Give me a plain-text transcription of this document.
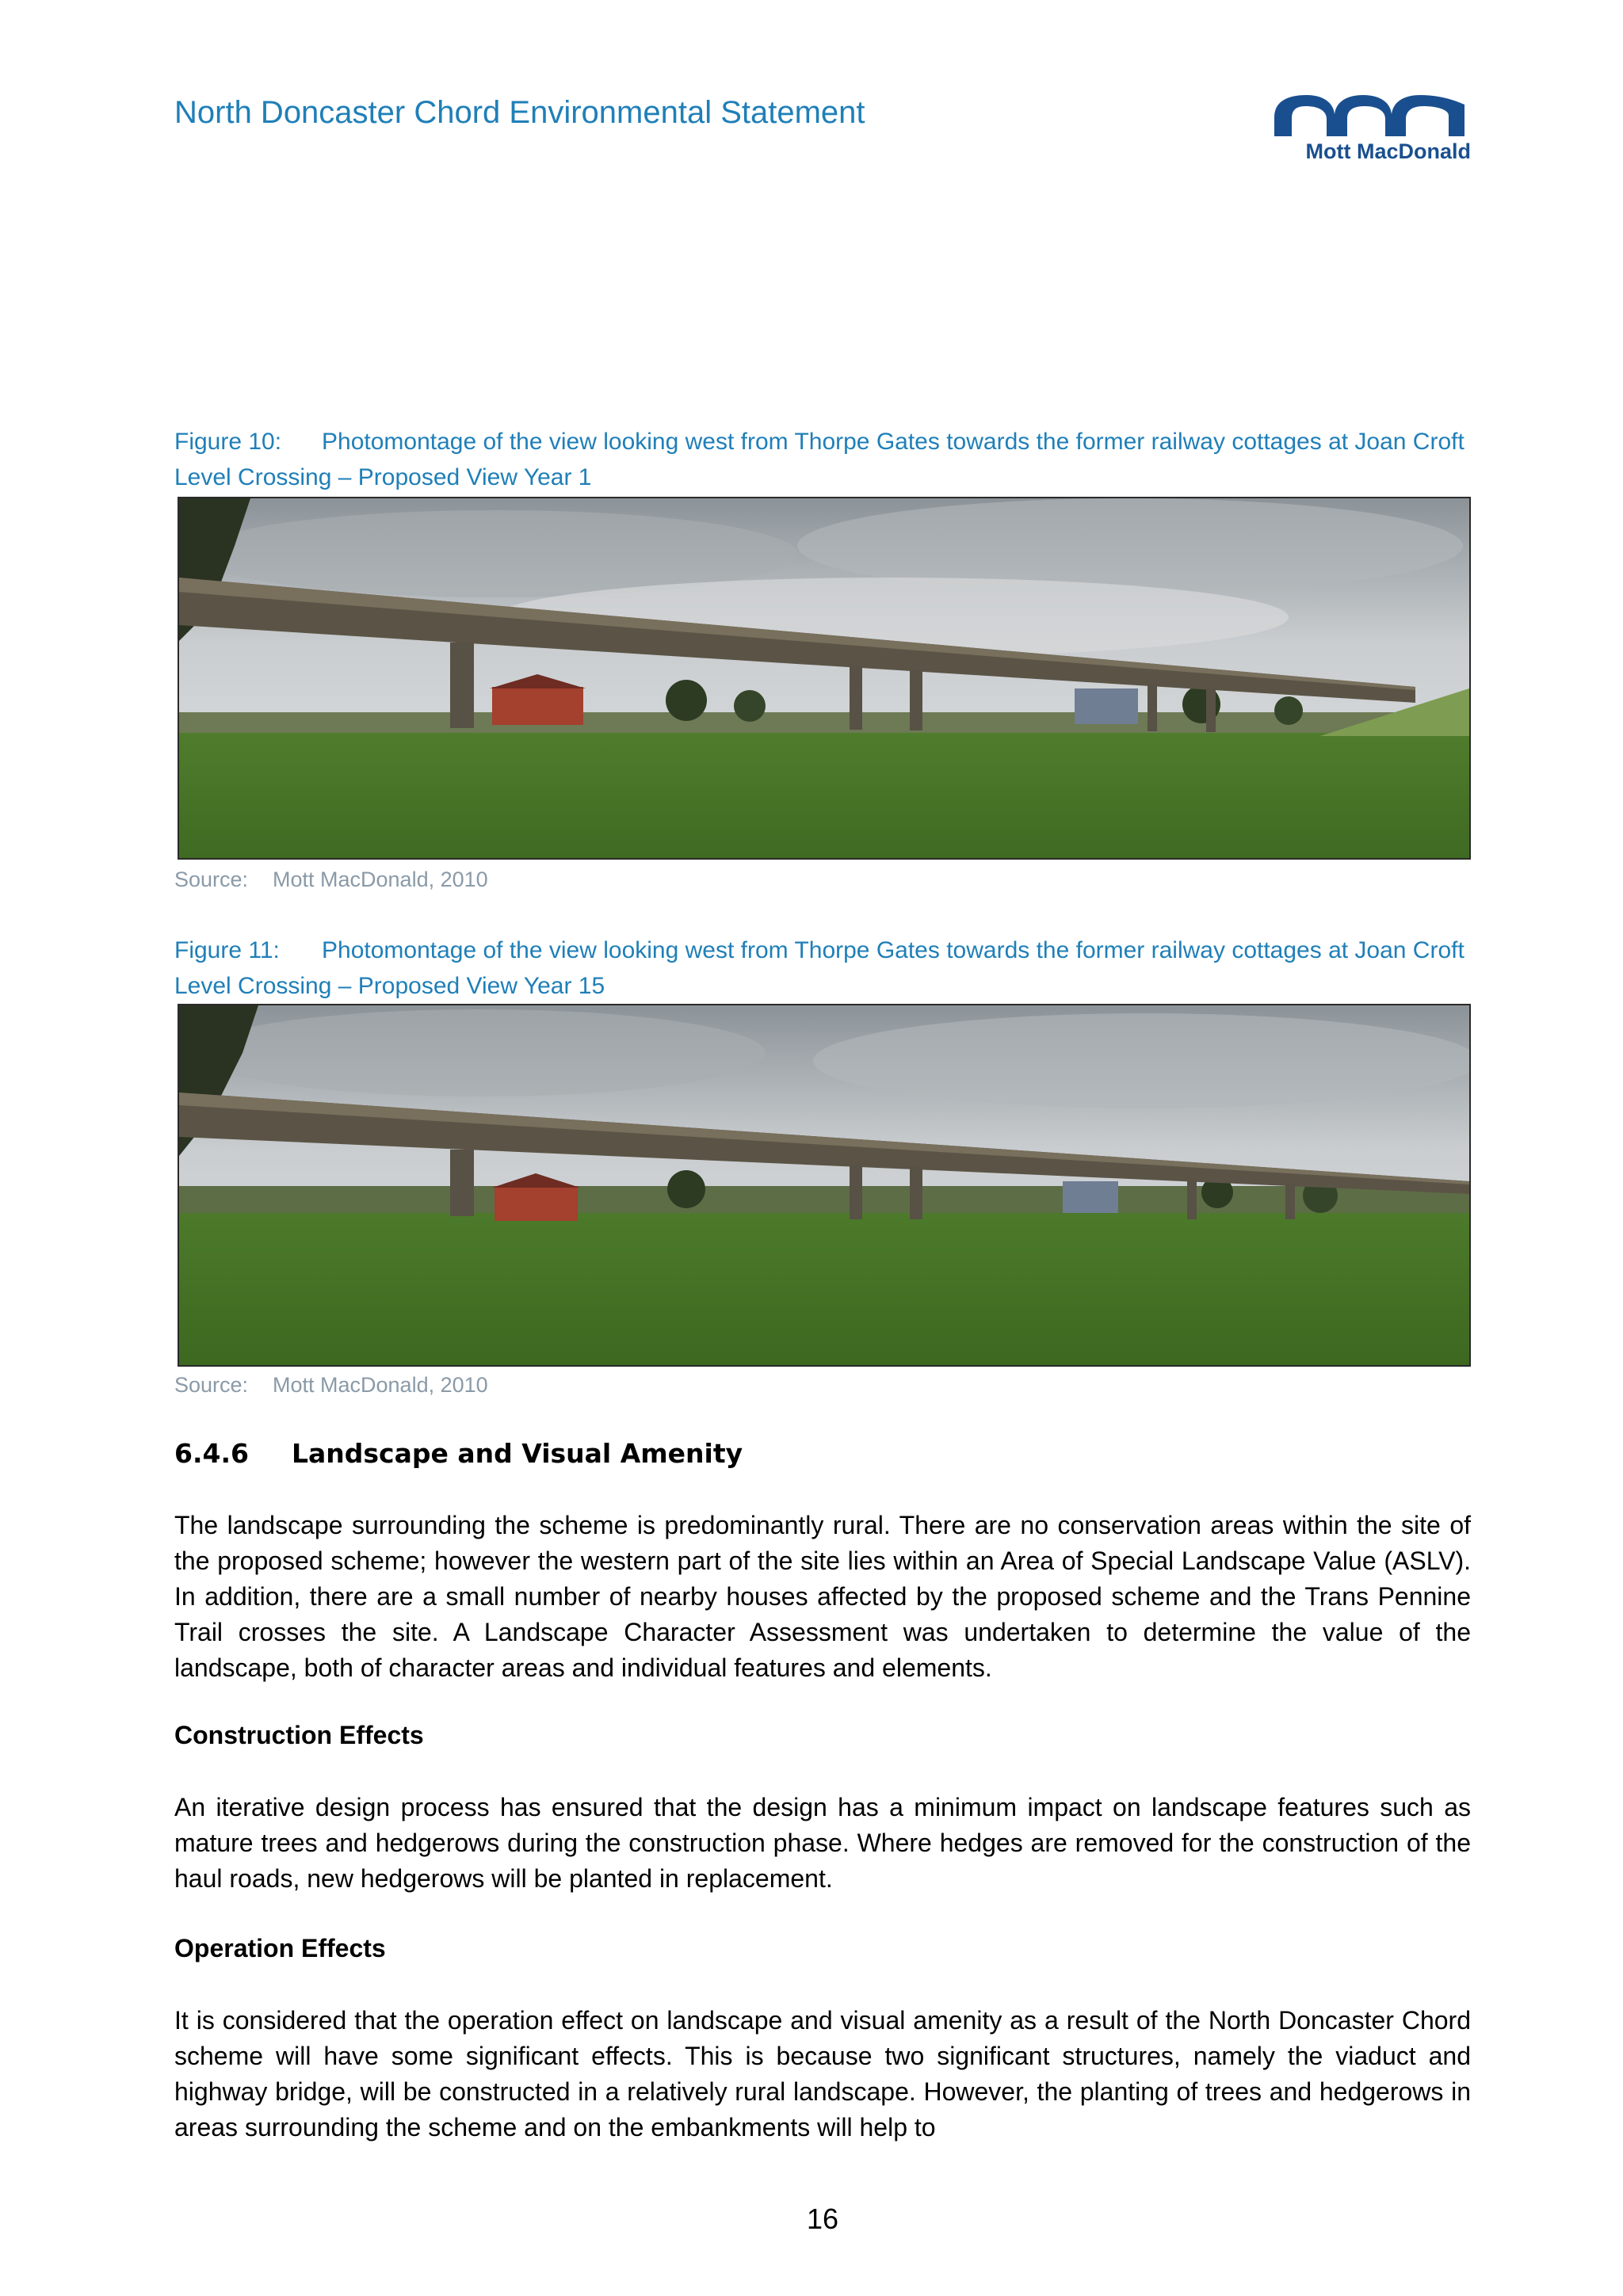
North Doncaster Chord Environmental Statement
Mott MacDonald
Figure 10: Photomontage of the view looking west from Thorpe Gates towards the former railway cottages at Joan Croft Level Crossing – Proposed View Year 1
Source: Mott MacDonald, 2010
Figure 11: Photomontage of the view looking west from Thorpe Gates towards the former railway cottages at Joan Croft Level Crossing – Proposed View Year 15
Source: Mott MacDonald, 2010
6.4.6 Landscape and Visual Amenity

The landscape surrounding the scheme is predominantly rural. There are no conservation areas within the site of the proposed scheme; however the western part of the site lies within an Area of Special Landscape Value (ASLV). In addition, there are a small number of nearby houses affected by the proposed scheme and the Trans Pennine Trail crosses the site. A Landscape Character Assessment was undertaken to determine the value of the landscape, both of character areas and individual features and elements.

Construction Effects

An iterative design process has ensured that the design has a minimum impact on landscape features such as mature trees and hedgerows during the construction phase. Where hedges are removed for the construction of the haul roads, new hedgerows will be planted in replacement.

Operation Effects

It is considered that the operation effect on landscape and visual amenity as a result of the North Doncaster Chord scheme will have some significant effects. This is because two significant structures, namely the viaduct and highway bridge, will be constructed in a relatively rural landscape. However, the planting of trees and hedgerows in areas surrounding the scheme and on the embankments will help to

16
